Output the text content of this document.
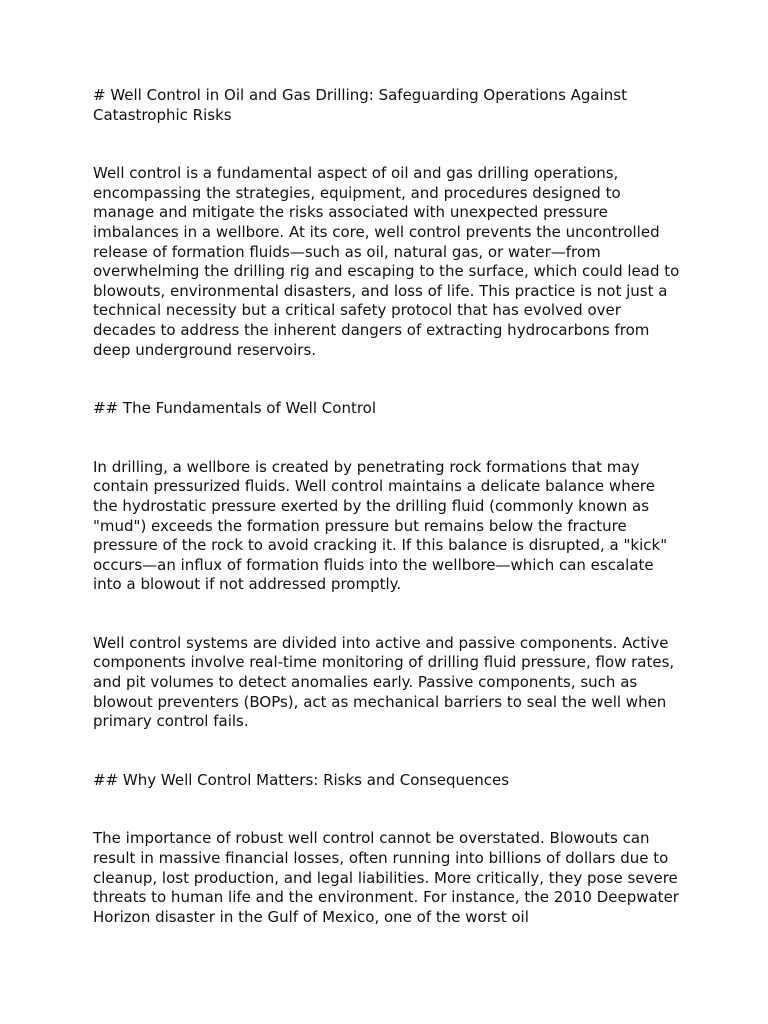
# Well Control in Oil and Gas Drilling: Safeguarding Operations Against Catastrophic Risks

Well control is a fundamental aspect of oil and gas drilling operations, encompassing the strategies, equipment, and procedures designed to manage and mitigate the risks associated with unexpected pressure imbalances in a wellbore. At its core, well control prevents the uncontrolled release of formation fluids—such as oil, natural gas, or water—from overwhelming the drilling rig and escaping to the surface, which could lead to blowouts, environmental disasters, and loss of life. This practice is not just a technical necessity but a critical safety protocol that has evolved over decades to address the inherent dangers of extracting hydrocarbons from deep underground reservoirs.

## The Fundamentals of Well Control

In drilling, a wellbore is created by penetrating rock formations that may contain pressurized fluids. Well control maintains a delicate balance where the hydrostatic pressure exerted by the drilling fluid (commonly known as "mud") exceeds the formation pressure but remains below the fracture pressure of the rock to avoid cracking it. If this balance is disrupted, a "kick" occurs—an influx of formation fluids into the wellbore—which can escalate into a blowout if not addressed promptly.

Well control systems are divided into active and passive components. Active components involve real-time monitoring of drilling fluid pressure, flow rates, and pit volumes to detect anomalies early. Passive components, such as blowout preventers (BOPs), act as mechanical barriers to seal the well when primary control fails.

## Why Well Control Matters: Risks and Consequences

The importance of robust well control cannot be overstated. Blowouts can result in massive financial losses, often running into billions of dollars due to cleanup, lost production, and legal liabilities. More critically, they pose severe threats to human life and the environment. For instance, the 2010 Deepwater Horizon disaster in the Gulf of Mexico, one of the worst oil
